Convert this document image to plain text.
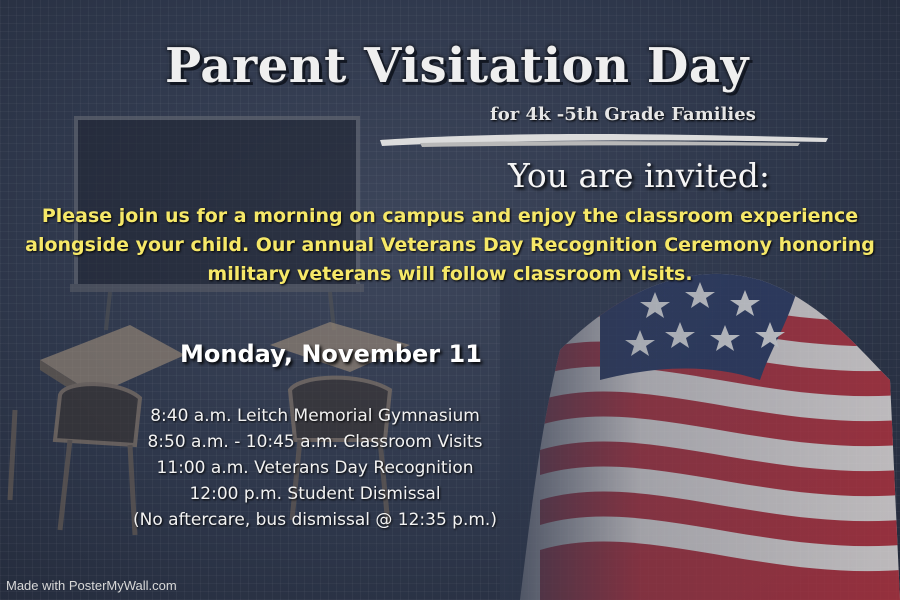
Parent Visitation Day

for 4k -5th Grade Families

You are invited:

Please join us for a morning on campus and enjoy the classroom experience alongside your child. Our annual Veterans Day Recognition Ceremony honoring military veterans will follow classroom visits.

Monday, November 11
8:40 a.m. Leitch Memorial Gymnasium
8:50 a.m. - 10:45 a.m. Classroom Visits
11:00 a.m. Veterans Day Recognition
12:00 p.m. Student Dismissal
(No aftercare, bus dismissal @ 12:35 p.m.)

Made with PosterMyWall.com
